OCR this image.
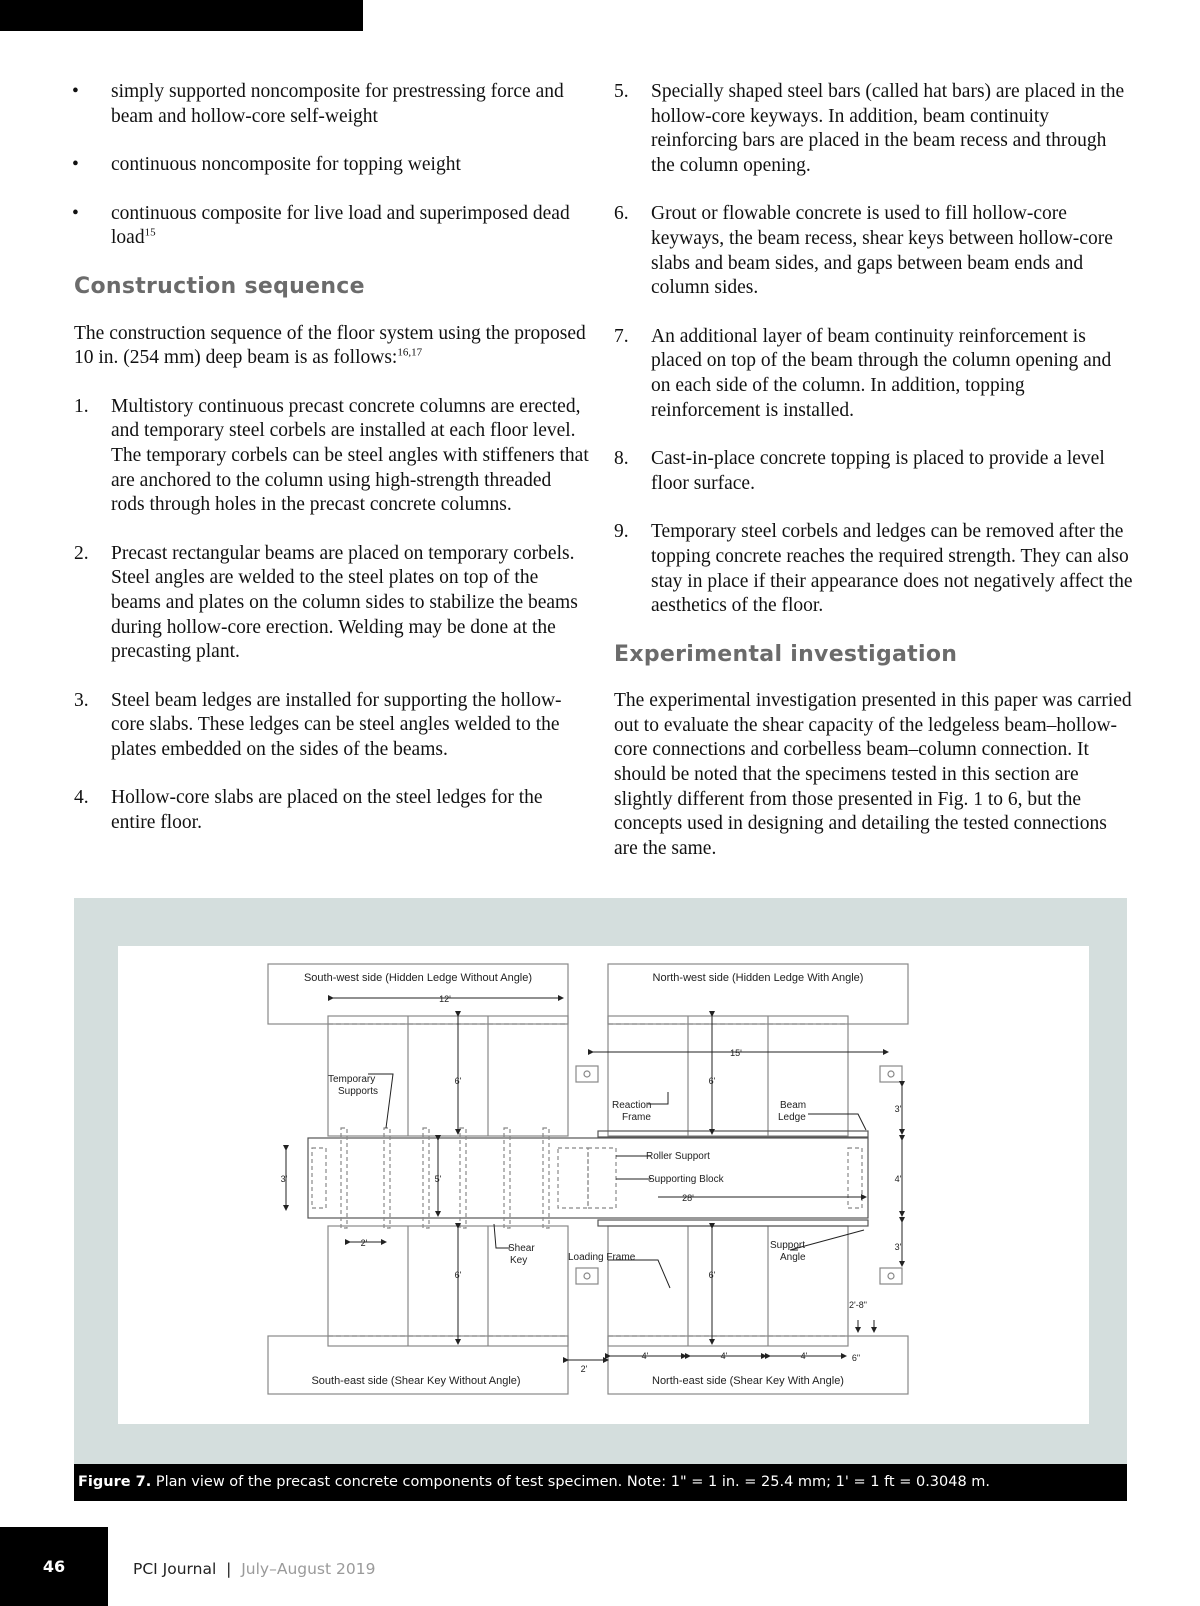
• simply supported noncomposite for prestressing force and beam and hollow-core self-weight
• continuous noncomposite for topping weight
• continuous composite for live load and superimposed dead load$^{15}$
Construction sequence

The construction sequence of the floor system using the proposed 10 in. (254 mm) deep beam is as follows:$^{16,17}$

1. Multistory continuous precast concrete columns are erected, and temporary steel corbels are installed at each floor level. The temporary corbels can be steel angles with stiffeners that are anchored to the column using high-strength threaded rods through holes in the precast concrete columns.
2. Precast rectangular beams are placed on temporary corbels. Steel angles are welded to the steel plates on top of the beams and plates on the column sides to stabilize the beams during hollow-core erection. Welding may be done at the precasting plant.
3. Steel beam ledges are installed for supporting the hollow-core slabs. These ledges can be steel angles welded to the plates embedded on the sides of the beams.
4. Hollow-core slabs are placed on the steel ledges for the entire floor.
5. Specially shaped steel bars (called hat bars) are placed in the hollow-core keyways. In addition, beam continuity reinforcing bars are placed in the beam recess and through the column opening.
6. Grout or flowable concrete is used to fill hollow-core keyways, the beam recess, shear keys between hollow-core slabs and beam sides, and gaps between beam ends and column sides.
7. An additional layer of beam continuity reinforcement is placed on top of the beam through the column opening and on each side of the column. In addition, topping reinforcement is installed.
8. Cast-in-place concrete topping is placed to provide a level floor surface.
9. Temporary steel corbels and ledges can be removed after the topping concrete reaches the required strength. They can also stay in place if their appearance does not negatively affect the aesthetics of the floor.
Experimental investigation

The experimental investigation presented in this paper was carried out to evaluate the shear capacity of the ledgeless beam–hollow-core connections and corbelless beam–column connection. It should be noted that the specimens tested in this section are slightly different from those presented in Fig. 1 to 6, but the concepts used in designing and detailing the tested connections are the same.

South-west side (Hidden Ledge Without Angle)	North-west side (Hidden Ledge With Angle)
South-east side (Shear Key Without Angle)	North-east side (Shear Key With Angle)
Temporary
Supports
Reaction
Frame
Beam
Ledge
Roller Support
Supporting Block
Shear
Key	Loading Frame
Support
Angle
12'
15'
6'	6'
6'	6'
3'	5'
3'
4'
3'
28'
2'
2'
2'-8"
4'	4'	4'	6"
Figure 7. Plan view of the precast concrete components of test specimen. Note: 1" = 1 in. = 25.4 mm; 1' = 1 ft = 0.3048 m.
46	PCI Journal  |  July–August 2019
